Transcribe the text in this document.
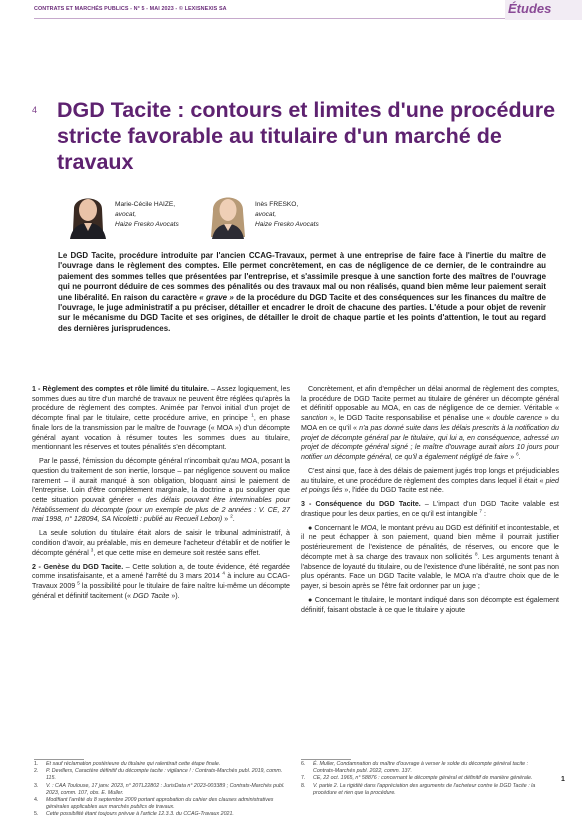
CONTRATS ET MARCHÉS PUBLICS - N° 5 - MAI 2023 - © LEXISNEXIS SA	Études
4 DGD Tacite : contours et limites d'une procédure stricte favorable au titulaire d'un marché de travaux
Marie-Cécile HAIZE,
avocat,
Haize Fresko Avocats
Inès FRESKO,
avocat,
Haize Fresko Avocats

Le DGD Tacite, procédure introduite par l'ancien CCAG-Travaux, permet à une entreprise de faire face à l'inertie du maître de l'ouvrage dans le règlement des comptes. Elle permet concrètement, en cas de négligence de ce dernier, de le contraindre au paiement des sommes telles que présentées par l'entreprise, et s'assimile presque à une sanction forte des maîtres de l'ouvrage qui ne pourront déduire de ces sommes des pénalités ou des travaux mal ou non réalisés, quand bien même leur paiement serait une libéralité. En raison du caractère « grave » de la procédure du DGD Tacite et des conséquences sur les finances du maître de l'ouvrage, le juge administratif a pu préciser, détailler et encadrer le droit de chacune des parties. L'étude a pour objet de revenir sur le mécanisme du DGD Tacite et ses origines, de détailler le droit de chaque partie et les points d'attention, le tout au regard des dernières jurisprudences.

1 - Règlement des comptes et rôle limité du titulaire. – Assez logiquement, les sommes dues au titre d'un marché de travaux ne peuvent être réglées qu'après la procédure de règlement des comptes. Animée par l'envoi initial d'un projet de décompte final par le titulaire, cette procédure arrive, en principe $^1$, en phase finale lors de la transmission par le maître de l'ouvrage (« MOA ») d'un décompte général ayant vocation à résumer toutes les sommes dues au titulaire, mentionnant les réserves et toutes pénalités s'en décomptant.

Par le passé, l'émission du décompte général n'incombait qu'au MOA, posant la question du traitement de son inertie, lorsque – par négligence souvent ou malice rarement – il aurait manqué à son obligation, bloquant ainsi le paiement de l'entreprise. Loin d'être complètement marginale, la doctrine a pu souligner que cette situation pouvait générer « des délais pouvant être interminables pour l'établissement du décompte (pour un exemple de plus de 2 années : V. CE, 27 mai 1998, n° 128094, SA Nicoletti : publié au Recueil Lebon) » $^2$.

La seule solution du titulaire était alors de saisir le tribunal administratif, à condition d'avoir, au préalable, mis en demeure l'acheteur d'établir et de notifier le décompte général $^3$, et que cette mise en demeure soit restée sans effet.

2 - Genèse du DGD Tacite. – Cette solution a, de toute évidence, été regardée comme insatisfaisante, et a amené l'arrêté du 3 mars 2014 $^4$ à inclure au CCAG-Travaux 2009 $^5$ la possibilité pour le titulaire de faire naître lui-même un décompte général et définitif tacitement (« DGD Tacite »).

Concrètement, et afin d'empêcher un délai anormal de règlement des comptes, la procédure de DGD Tacite permet au titulaire de générer un décompte général et définitif opposable au MOA, en cas de négligence de ce dernier. Véritable « sanction », le DGD Tacite responsabilise et pénalise une « double carence » du MOA en ce qu'il « n'a pas donné suite dans les délais prescrits à la notification du projet de décompte général par le titulaire, qui lui a, en conséquence, adressé un projet de décompte général signé ; le maître d'ouvrage aurait alors 10 jours pour notifier un décompte général, ce qu'il a également négligé de faire » $^6$.

C'est ainsi que, face à des délais de paiement jugés trop longs et préjudiciables au titulaire, et une procédure de règlement des comptes dans lequel il était « pied et poings liés », l'idée du DGD Tacite est née.

3 - Conséquence du DGD Tacite. – L'impact d'un DGD Tacite valable est drastique pour les deux parties, en ce qu'il est intangible $^7$ :

● Concernant le MOA, le montant prévu au DGD est définitif et incontestable, et il ne peut échapper à son paiement, quand bien même il pourrait justifier postérieurement de l'existence de pénalités, de réserves, ou encore que le décompte met à sa charge des travaux non sollicités $^8$. Les arguments tenant à l'absence de loyauté du titulaire, ou de l'existence d'une libéralité, ne sont pas non plus opérants. Face un DGD Tacite valable, le MOA n'a d'autre choix que de le payer, si besoin après se l'être fait ordonner par un juge ;

● Concernant le titulaire, le montant indiqué dans son décompte est également définitif, faisant obstacle à ce que le titulaire y ajoute

1. Et sauf réclamation postérieure du titulaire qui ralentirait cette étape finale.

2. P. Devillers, Caractère définitif du décompte tacite : vigilance ! : Contrats-Marchés publ. 2019, comm. 115.

3. V. : CAA Toulouse, 17 janv. 2023, n° 20TL22802 : JurisData n° 2023-003389 ; Contrats-Marchés publ. 2023, comm. 107, obs. E. Muller.

4. Modifiant l'arrêté du 8 septembre 2009 portant approbation du cahier des clauses administratives générales applicables aux marchés publics de travaux.

5. Cette possibilité étant toujours prévue à l'article 12.3.3. du CCAG-Travaux 2021.

6. É. Muller, Condamnation du maître d'ouvrage à verser le solde du décompte général tacite : Contrats-Marchés publ. 2022, comm. 137.

7. CE, 22 oct. 1965, n° 58876 : concernant le décompte général et définitif de manière générale.

8. V. partie 2. La rigidité dans l'appréciation des arguments de l'acheteur contre le DGD Tacite : la procédure et rien que la procédure.

1
